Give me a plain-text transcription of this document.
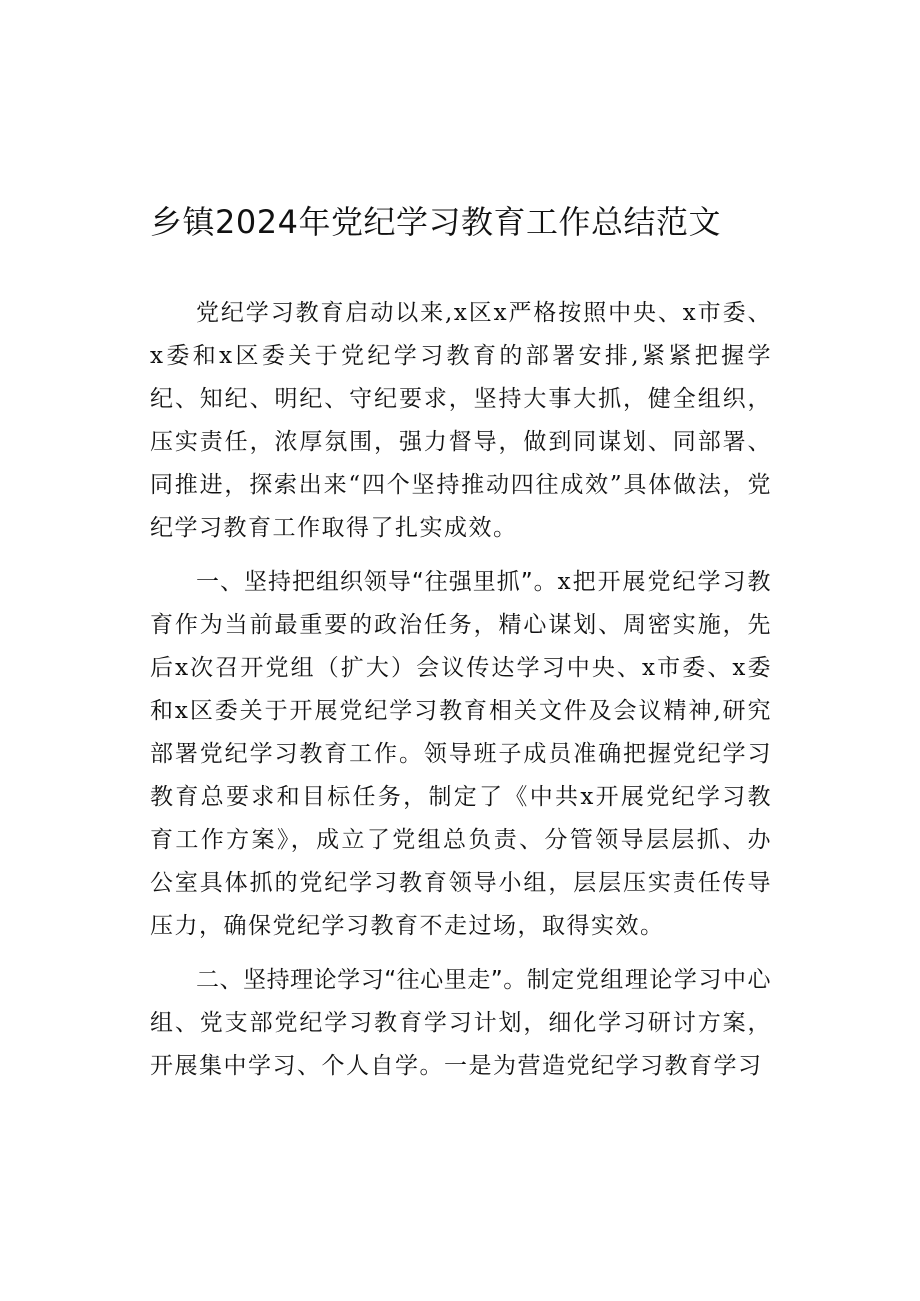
乡镇2024年党纪学习教育工作总结范文

党纪学习教育启动以来,x区x严格按照中央、x市委、x委和x区委关于党纪学习教育的部署安排,紧紧把握学纪、知纪、明纪、守纪要求，坚持大事大抓，健全组织，压实责任，浓厚氛围，强力督导，做到同谋划、同部署、同推进，探索出来“四个坚持推动四往成效”具体做法，党纪学习教育工作取得了扎实成效。

一、坚持把组织领导“往强里抓”。x把开展党纪学习教育作为当前最重要的政治任务，精心谋划、周密实施，先后x次召开党组（扩大）会议传达学习中央、x市委、x委和x区委关于开展党纪学习教育相关文件及会议精神,研究部署党纪学习教育工作。领导班子成员准确把握党纪学习教育总要求和目标任务，制定了《中共x开展党纪学习教育工作方案》，成立了党组总负责、分管领导层层抓、办公室具体抓的党纪学习教育领导小组，层层压实责任传导压力，确保党纪学习教育不走过场，取得实效。

二、坚持理论学习“往心里走”。制定党组理论学习中心组、党支部党纪学习教育学习计划，细化学习研讨方案，开展集中学习、个人自学。一是为营造党纪学习教育学习
